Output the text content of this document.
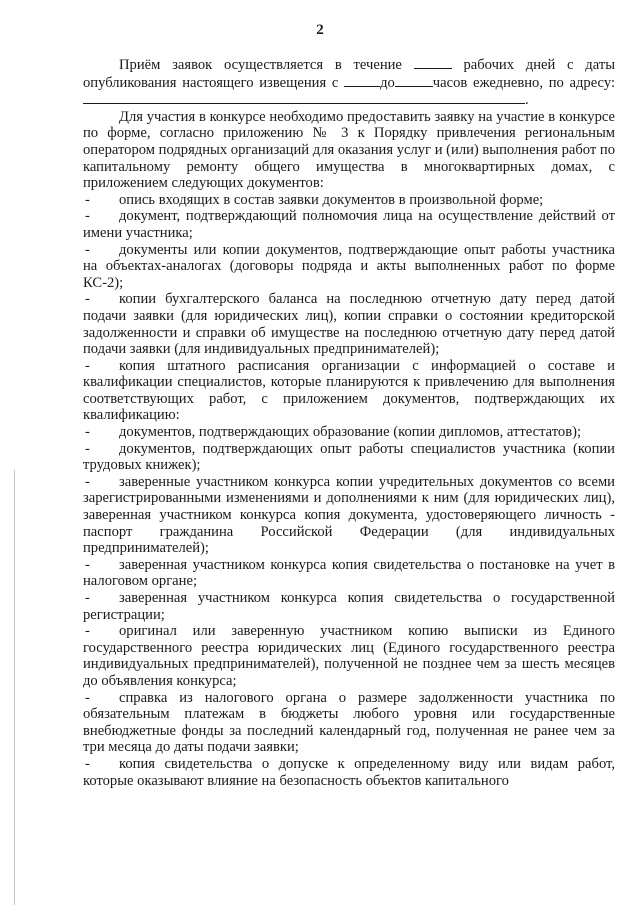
2

Приём заявок осуществляется в течение	рабочих дней с даты опубликования настоящего извещения с	до	часов ежедневно, по адресу:.

Для участия в конкурсе необходимо предоставить заявку на участие в конкурсе по форме, согласно приложению № 3 к Порядку привлечения региональным оператором подрядных организаций для оказания услуг и (или) выполнения работ по капитальному ремонту общего имущества в многоквартирных домах, с приложением следующих документов:

- опись входящих в состав заявки документов в произвольной форме;

- документ, подтверждающий полномочия лица на осуществление действий от имени участника;

- документы или копии документов, подтверждающие опыт работы участника на объектах-аналогах (договоры подряда и акты выполненных работ по форме КС-2);

- копии бухгалтерского баланса на последнюю отчетную дату перед датой подачи заявки (для юридических лиц), копии справки о состоянии кредиторской задолженности и справки об имуществе на последнюю отчетную дату перед датой подачи заявки (для индивидуальных предпринимателей);

- копия штатного расписания организации с информацией о составе и квалификации специалистов, которые планируются к привлечению для выполнения соответствующих работ, с приложением документов, подтверждающих их квалификацию:

- документов, подтверждающих образование (копии дипломов, аттестатов);

- документов, подтверждающих опыт работы специалистов участника (копии трудовых книжек);

- заверенные участником конкурса копии учредительных документов со всеми зарегистрированными изменениями и дополнениями к ним (для юридических лиц), заверенная участником конкурса копия документа, удостоверяющего личность - паспорт гражданина Российской Федерации (для индивидуальных предпринимателей);

- заверенная участником конкурса копия свидетельства о постановке на учет в налоговом органе;

- заверенная участником конкурса копия свидетельства о государственной регистрации;

- оригинал или заверенную участником копию выписки из Единого государственного реестра юридических лиц (Единого государственного реестра индивидуальных предпринимателей), полученной не позднее чем за шесть месяцев до объявления конкурса;

- справка из налогового органа о размере задолженности участника по обязательным платежам в бюджеты любого уровня или государственные внебюджетные фонды за последний календарный год, полученная не ранее чем за три месяца до даты подачи заявки;

- копия свидетельства о допуске к определенному виду или видам работ, которые оказывают влияние на безопасность объектов капитального
